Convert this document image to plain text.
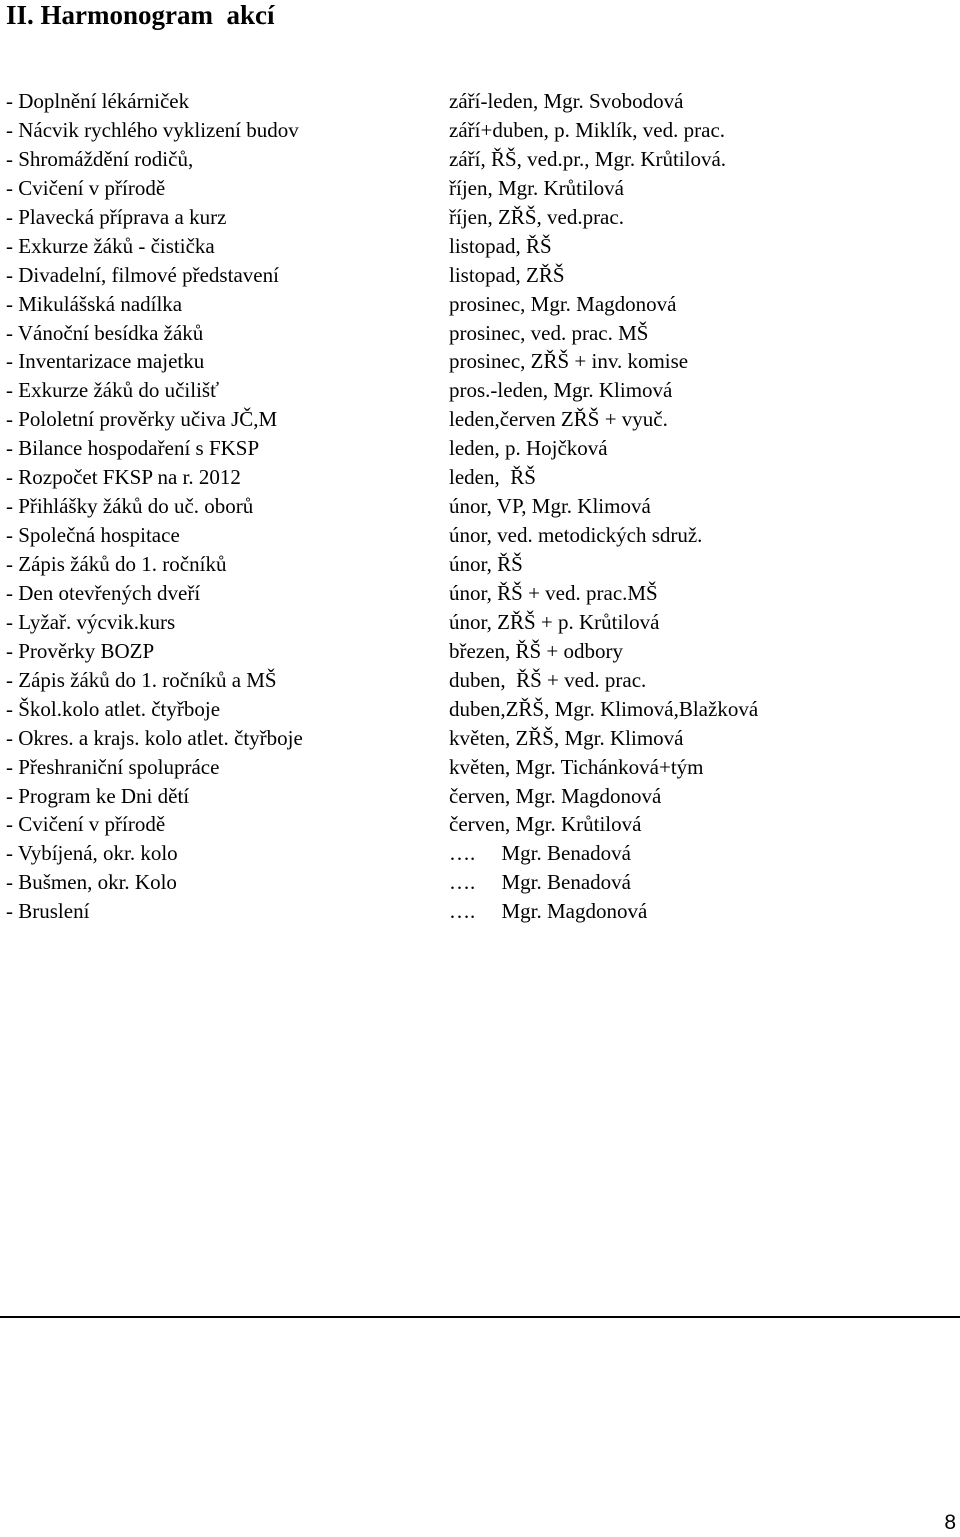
II. Harmonogram  akcí
- Doplnění lékárniček	září-leden, Mgr. Svobodová
- Nácvik rychlého vyklizení budov	září+duben, p. Miklík, ved. prac.
- Shromáždění rodičů,	září, ŘŠ, ved.pr., Mgr. Krůtilová.
- Cvičení v přírodě	říjen, Mgr. Krůtilová
- Plavecká příprava a kurz	říjen, ZŘŠ, ved.prac.
- Exkurze žáků - čistička	listopad, ŘŠ
- Divadelní, filmové představení	listopad, ZŘŠ
- Mikulášská nadílka	prosinec, Mgr. Magdonová
- Vánoční besídka žáků	prosinec, ved. prac. MŠ
- Inventarizace majetku	prosinec, ZŘŠ + inv. komise
- Exkurze žáků do učilišť	pros.-leden, Mgr. Klimová
- Pololetní prověrky učiva JČ,M	leden,červen ZŘŠ + vyuč.
- Bilance hospodaření s FKSP	leden, p. Hojčková
- Rozpočet FKSP na r. 2012	leden,  ŘŠ
- Přihlášky žáků do uč. oborů	únor, VP, Mgr. Klimová
- Společná hospitace	únor, ved. metodických sdruž.
- Zápis žáků do 1. ročníků	únor, ŘŠ
- Den otevřených dveří	únor, ŘŠ + ved. prac.MŠ
- Lyžař. výcvik.kurs	únor, ZŘŠ + p. Krůtilová
- Prověrky BOZP	březen, ŘŠ + odbory
- Zápis žáků do 1. ročníků a MŠ	duben,  ŘŠ + ved. prac.
- Škol.kolo atlet. čtyřboje	duben,ZŘŠ, Mgr. Klimová,Blažková
- Okres. a krajs. kolo atlet. čtyřboje	květen, ZŘŠ, Mgr. Klimová
- Přeshraniční spolupráce	květen, Mgr. Tichánková+tým
- Program ke Dni dětí	červen, Mgr. Magdonová
- Cvičení v přírodě	červen, Mgr. Krůtilová
- Vybíjená, okr. kolo	….     Mgr. Benadová
- Bušmen, okr. Kolo	….     Mgr. Benadová
- Bruslení	….     Mgr. Magdonová
8
